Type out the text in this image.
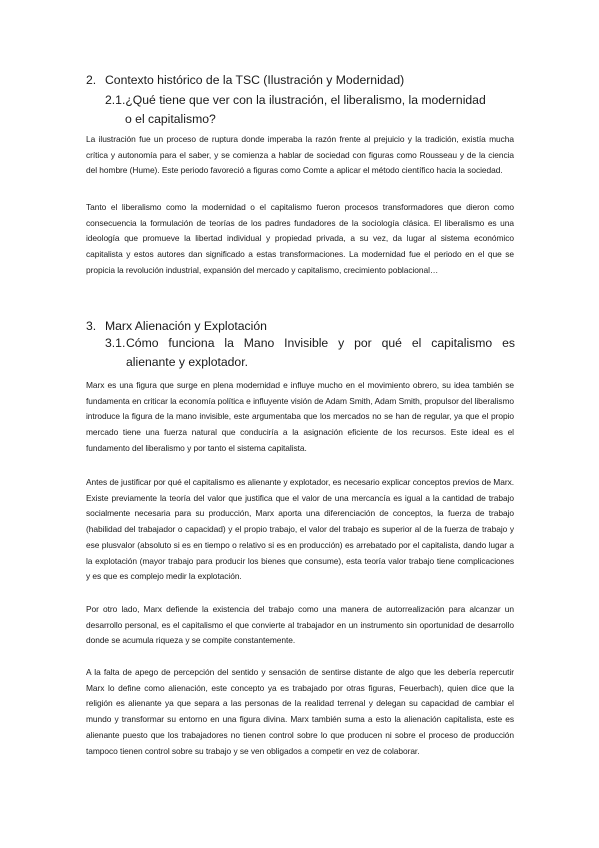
2. Contexto histórico de la TSC (Ilustración y Modernidad)
2.1.¿Qué tiene que ver con la ilustración, el liberalismo, la modernidad
o el capitalismo?

La ilustración fue un proceso de ruptura donde imperaba la razón frente al prejuicio y la tradición, existía mucha crítica y autonomía para el saber, y se comienza a hablar de sociedad con figuras como Rousseau y de la ciencia del hombre (Hume). Este periodo favoreció a figuras como Comte a aplicar el método científico hacia la sociedad.

Tanto el liberalismo como la modernidad o el capitalismo fueron procesos transformadores que dieron como consecuencia la formulación de teorías de los padres fundadores de la sociología clásica. El liberalismo es una ideología que promueve la libertad individual y propiedad privada, a su vez, da lugar al sistema económico capitalista y estos autores dan significado a estas transformaciones. La modernidad fue el periodo en el que se propicia la revolución industrial, expansión del mercado y capitalismo, crecimiento poblacional…

3. Marx Alienación y Explotación
3.1. Cómo funciona la Mano Invisible y por qué el capitalismo es
alienante y explotador.

Marx es una figura que surge en plena modernidad e influye mucho en el movimiento obrero, su idea también se fundamenta en criticar la economía política e influyente visión de Adam Smith, Adam Smith, propulsor del liberalismo introduce la figura de la mano invisible, este argumentaba que los mercados no se han de regular, ya que el propio mercado tiene una fuerza natural que conduciría a la asignación eficiente de los recursos. Este ideal es el fundamento del liberalismo y por tanto el sistema capitalista.

Antes de justificar por qué el capitalismo es alienante y explotador, es necesario explicar conceptos previos de Marx. Existe previamente la teoría del valor que justifica que el valor de una mercancía es igual a la cantidad de trabajo socialmente necesaria para su producción, Marx aporta una diferenciación de conceptos, la fuerza de trabajo (habilidad del trabajador o capacidad) y el propio trabajo, el valor del trabajo es superior al de la fuerza de trabajo y ese plusvalor (absoluto si es en tiempo o relativo si es en producción) es arrebatado por el capitalista, dando lugar a la explotación (mayor trabajo para producir los bienes que consume), esta teoría valor trabajo tiene complicaciones y es que es complejo medir la explotación.

Por otro lado, Marx defiende la existencia del trabajo como una manera de autorrealización para alcanzar un desarrollo personal, es el capitalismo el que convierte al trabajador en un instrumento sin oportunidad de desarrollo donde se acumula riqueza y se compite constantemente.

A la falta de apego de percepción del sentido y sensación de sentirse distante de algo que les debería repercutir Marx lo define como alienación, este concepto ya es trabajado por otras figuras, Feuerbach), quien dice que la religión es alienante ya que separa a las personas de la realidad terrenal y delegan su capacidad de cambiar el mundo y transformar su entorno en una figura divina. Marx también suma a esto la alienación capitalista, este es alienante puesto que los trabajadores no tienen control sobre lo que producen ni sobre el proceso de producción tampoco tienen control sobre su trabajo y se ven obligados a competir en vez de colaborar.
